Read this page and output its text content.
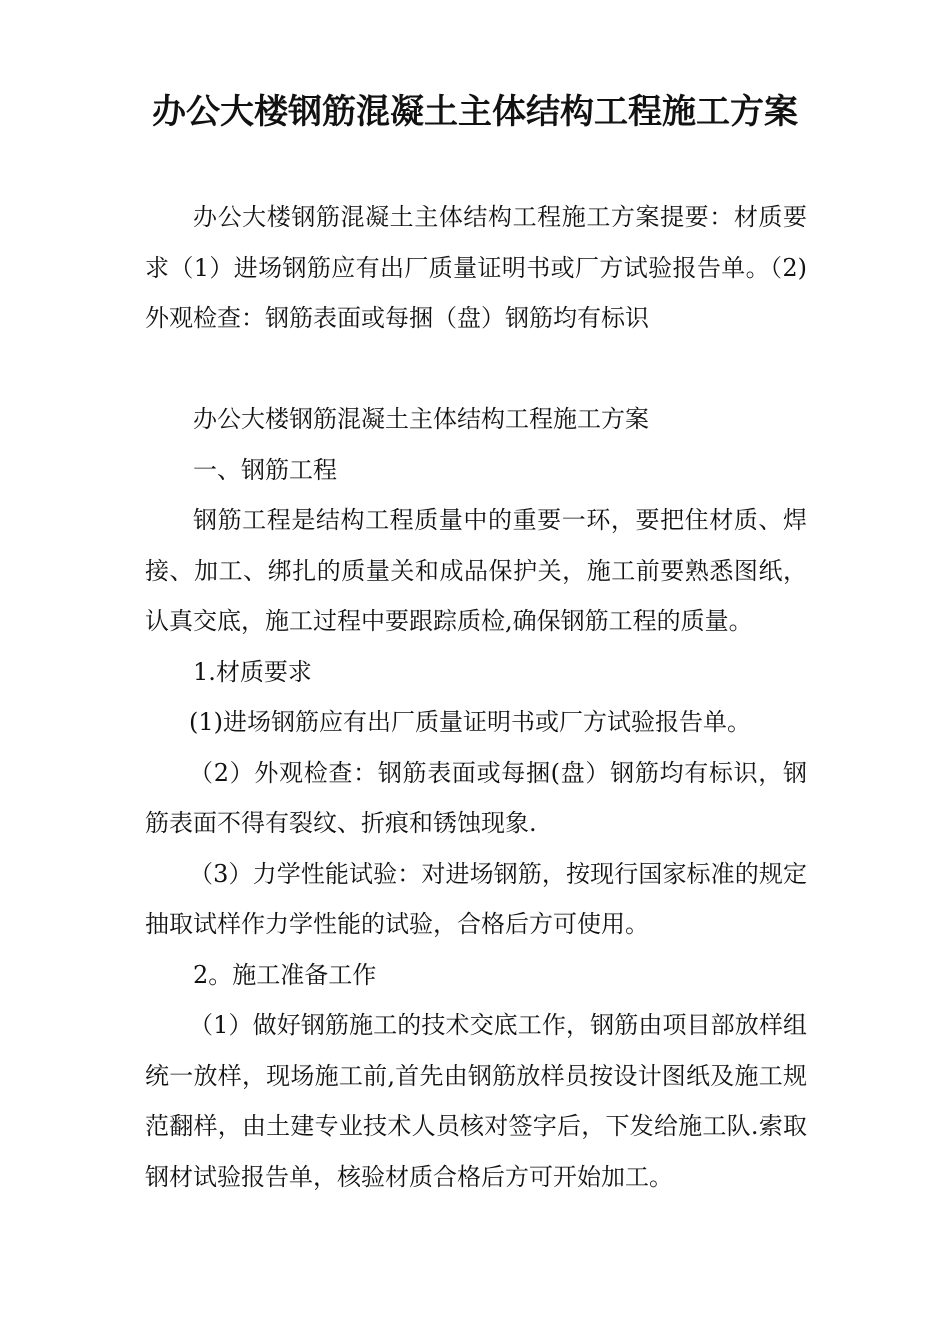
办公大楼钢筋混凝土主体结构工程施工方案

办公大楼钢筋混凝土主体结构工程施工方案提要：材质要求（1）进场钢筋应有出厂质量证明书或厂方试验报告单。（2)外观检查：钢筋表面或每捆（盘）钢筋均有标识

办公大楼钢筋混凝土主体结构工程施工方案

一、钢筋工程

钢筋工程是结构工程质量中的重要一环，要把住材质、焊接、加工、绑扎的质量关和成品保护关，施工前要熟悉图纸，认真交底，施工过程中要跟踪质检,确保钢筋工程的质量。

1.材质要求

(1)进场钢筋应有出厂质量证明书或厂方试验报告单。

（2）外观检查：钢筋表面或每捆(盘）钢筋均有标识，钢筋表面不得有裂纹、折痕和锈蚀现象.

（3）力学性能试验：对进场钢筋，按现行国家标准的规定抽取试样作力学性能的试验，合格后方可使用。

2。施工准备工作

（1）做好钢筋施工的技术交底工作，钢筋由项目部放样组统一放样，现场施工前,首先由钢筋放样员按设计图纸及施工规范翻样，由土建专业技术人员核对签字后，下发给施工队.索取钢材试验报告单，核验材质合格后方可开始加工。
